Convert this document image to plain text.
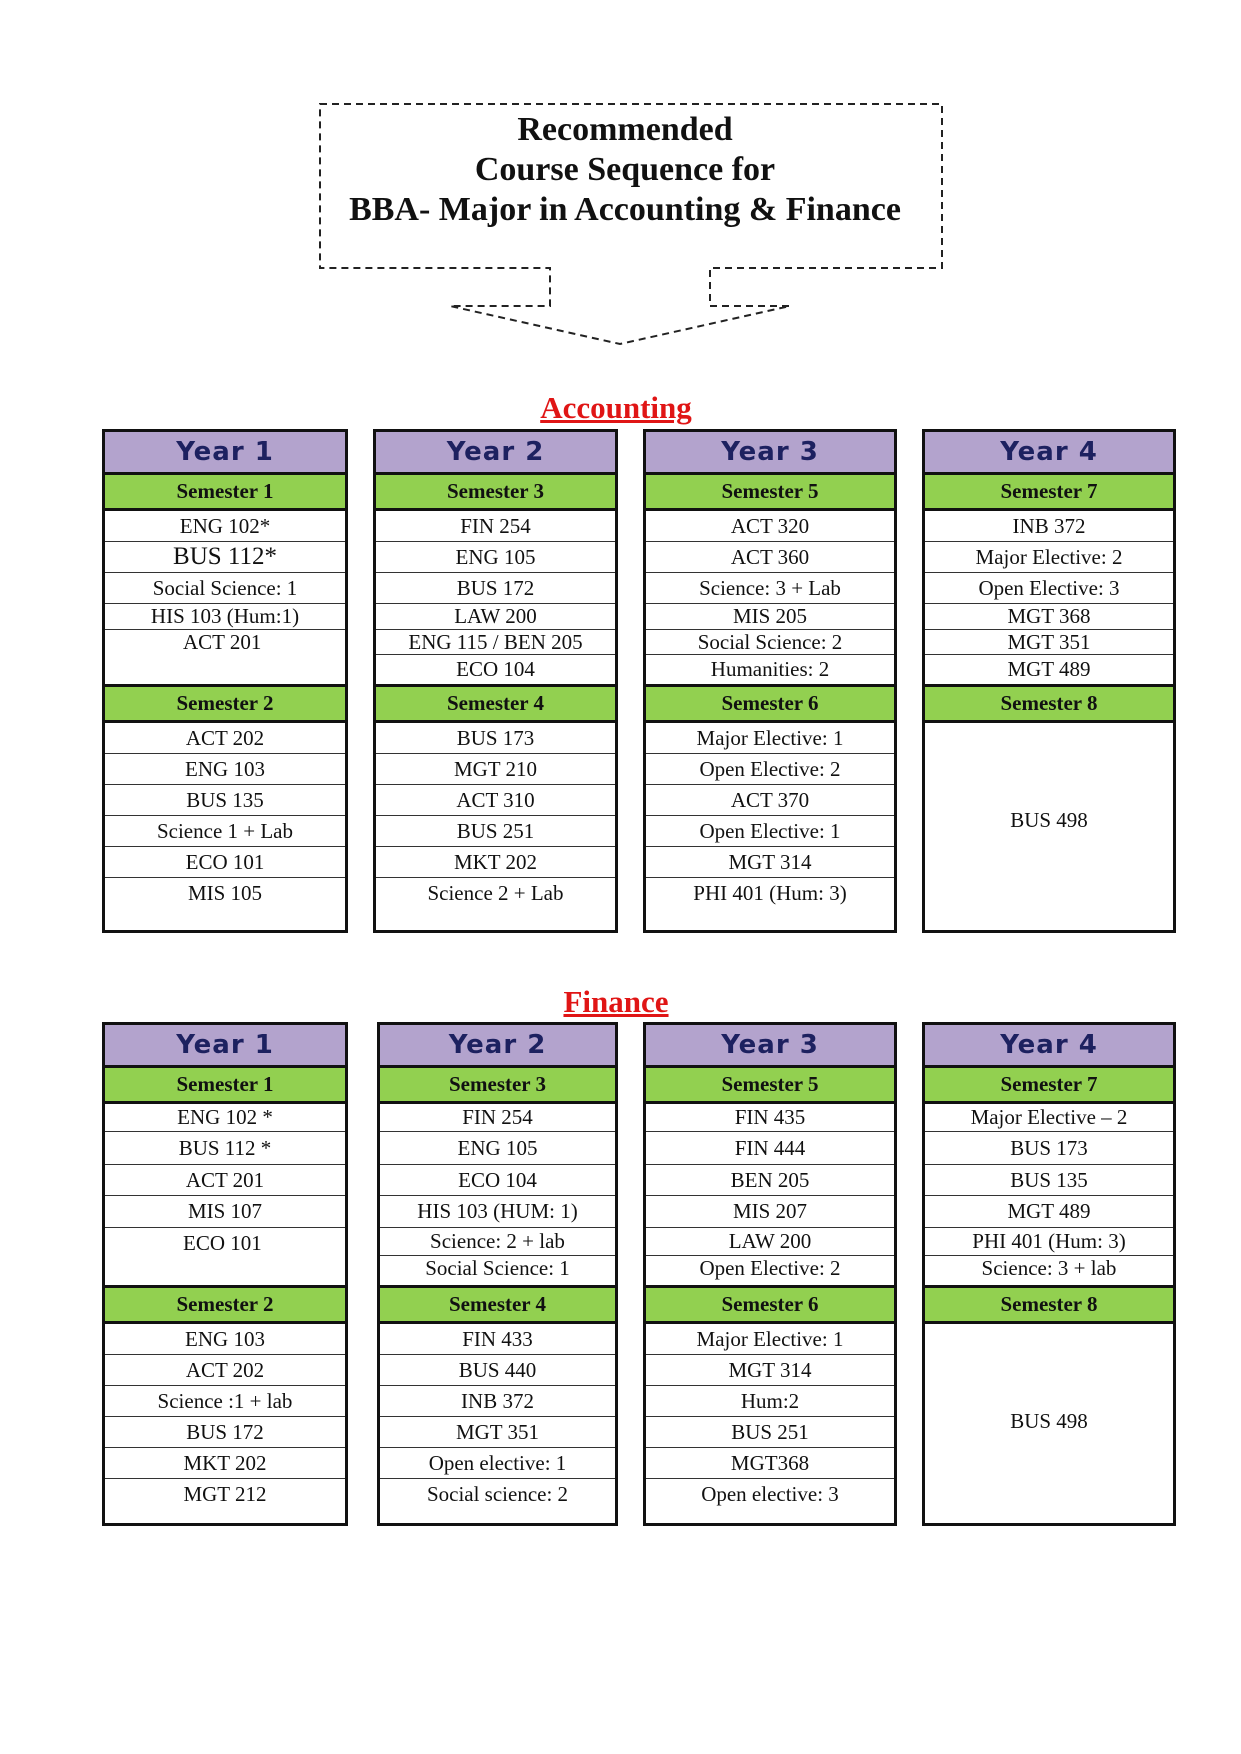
Recommended
Course Sequence for
BBA- Major in Accounting & Finance
Accounting
Year 1
Semester 1
ENG 102*
BUS 112*
Social Science: 1
HIS 103 (Hum:1)
ACT 201
Semester 2
ACT 202
ENG 103
BUS 135
Science 1 + Lab
ECO 101
MIS 105
Year 2
Semester 3
FIN 254
ENG 105
BUS 172
LAW 200
ENG 115 / BEN 205
ECO 104
Semester 4
BUS 173
MGT 210
ACT 310
BUS 251
MKT 202
Science 2 + Lab
Year 3
Semester 5
ACT 320
ACT 360
Science: 3 + Lab
MIS 205
Social Science: 2
Humanities: 2
Semester 6
Major Elective: 1
Open Elective: 2
ACT 370
Open Elective: 1
MGT 314
PHI 401 (Hum: 3)
Year 4
Semester 7
INB 372
Major Elective: 2
Open Elective: 3
MGT 368
MGT 351
MGT 489
Semester 8
BUS 498
Finance
Year 1
Semester 1
ENG 102 *
BUS 112 *
ACT 201
MIS 107
ECO 101
Semester 2
ENG 103
ACT 202
Science :1 + lab
BUS 172
MKT 202
MGT 212
Year 2
Semester 3
FIN 254
ENG 105
ECO 104
HIS 103 (HUM: 1)
Science: 2 + lab
Social Science: 1
Semester 4
FIN 433
BUS 440
INB 372
MGT 351
Open elective: 1
Social science: 2
Year 3
Semester 5
FIN 435
FIN 444
BEN 205
MIS 207
LAW 200
Open Elective: 2
Semester 6
Major Elective: 1
MGT 314
Hum:2
BUS 251
MGT368
Open elective: 3
Year 4
Semester 7
Major Elective – 2
BUS 173
BUS 135
MGT 489
PHI 401 (Hum: 3)
Science: 3 + lab
Semester 8
BUS 498
